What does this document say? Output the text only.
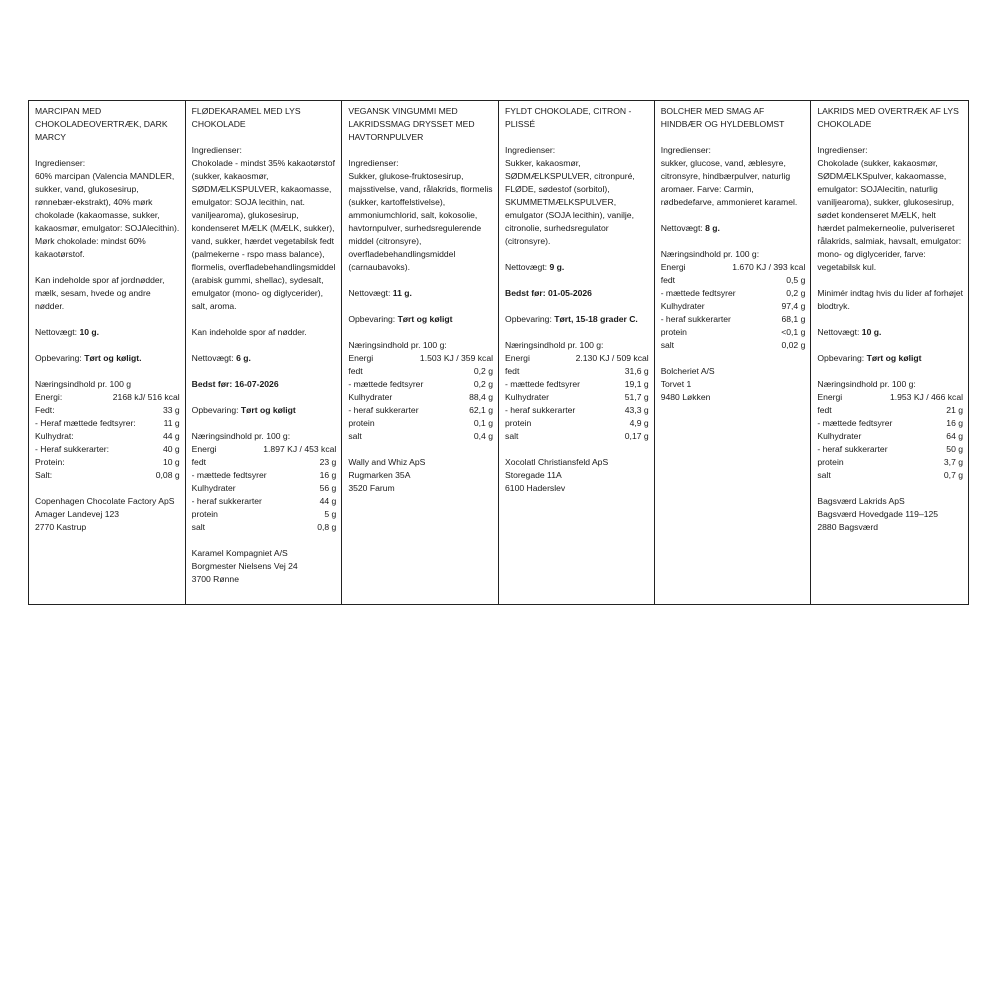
MARCIPAN MED CHOKOLADEOVERTRÆK, DARK MARCY
Ingredienser:
60% marcipan (Valencia MANDLER, sukker, vand, glukosesirup, rønnebær-ekstrakt), 40% mørk chokolade (kakaomasse, sukker, kakaosmør, emulgator: SOJAlecithin). Mørk chokolade: mindst 60% kakaotørstof.
Kan indeholde spor af jordnødder, mælk, sesam, hvede og andre nødder.
Nettovægt: 10 g.
Opbevaring: Tørt og køligt.
Næringsindhold pr. 100 g
Energi:	2168 kJ/ 516 kcal
Fedt:	33 g
- Heraf mættede fedtsyrer:	11 g
Kulhydrat:	44 g
- Heraf sukkerarter:	40 g
Protein:	10 g
Salt:	0,08 g
Copenhagen Chocolate Factory ApS
Amager Landevej 123
2770 Kastrup
FLØDEKARAMEL MED LYS CHOKOLADE
Ingredienser:
Chokolade - mindst 35% kakaotørstof (sukker, kakaosmør, SØDMÆLKSPULVER, kakaomasse, emulgator: SOJA lecithin, nat. vaniljearoma), glukosesirup, kondenseret MÆLK (MÆLK, sukker), vand, sukker, hærdet vegetabilsk fedt (palmekerne - rspo mass balance), flormelis, overfladebehandlingsmiddel (arabisk gummi, shellac), sydesalt, emulgator (mono- og diglycerider), salt, aroma.
Kan indeholde spor af nødder.
Nettovægt: 6 g.
Bedst før: 16-07-2026
Opbevaring: Tørt og køligt
Næringsindhold pr. 100 g:
Energi	1.897 KJ / 453 kcal
fedt	23 g
- mættede fedtsyrer	16 g
Kulhydrater	56 g
- heraf sukkerarter	44 g
protein	5 g
salt	0,8 g
Karamel Kompagniet A/S
Borgmester Nielsens Vej 24
3700 Rønne
VEGANSK VINGUMMI MED LAKRIDSSMAG DRYSSET MED HAVTORNPULVER
Ingredienser:
Sukker, glukose-fruktosesirup, majsstivelse, vand, rålakrids, flormelis (sukker, kartoffelstivelse), ammoniumchlorid, salt, kokosolie, havtornpulver, surhedsregulerende middel (citronsyre), overfladebehandlingsmiddel (carnaubavoks).
Nettovægt: 11 g.
Opbevaring: Tørt og køligt
Næringsindhold pr. 100 g:
Energi	1.503 KJ / 359 kcal
fedt	0,2 g
- mættede fedtsyrer	0,2 g
Kulhydrater	88,4 g
- heraf sukkerarter	62,1 g
protein	0,1 g
salt	0,4 g
Wally and Whiz ApS
Rugmarken 35A
3520 Farum
FYLDT CHOKOLADE, CITRON - PLISSÉ
Ingredienser:
Sukker, kakaosmør, SØDMÆLKSPULVER, citronpuré, FLØDE, sødestof (sorbitol), SKUMMETMÆLKSPULVER, emulgator (SOJA lecithin), vanilje, citronolie, surhedsregulator (citronsyre).
Nettovægt: 9 g.
Bedst før: 01-05-2026
Opbevaring: Tørt, 15-18 grader C.
Næringsindhold pr. 100 g:
Energi	2.130 KJ / 509 kcal
fedt	31,6 g
- mættede fedtsyrer	19,1 g
Kulhydrater	51,7 g
- heraf sukkerarter	43,3 g
protein	4,9 g
salt	0,17 g
Xocolatl Christiansfeld ApS
Storegade 11A
6100 Haderslev
BOLCHER MED SMAG AF HINDBÆR OG HYLDEBLOMST
Ingredienser:
sukker, glucose, vand, æblesyre, citronsyre, hindbærpulver, naturlig aromaer. Farve: Carmin, rødbedefarve, ammonieret karamel.
Nettovægt: 8 g.
Næringsindhold pr. 100 g:
Energi	1.670 KJ / 393 kcal
fedt	0,5 g
- mættede fedtsyrer	0,2 g
Kulhydrater	97,4 g
- heraf sukkerarter	68,1 g
protein	<0,1 g
salt	0,02 g
Bolcheriet A/S
Torvet 1
9480 Løkken
LAKRIDS MED OVERTRÆK AF LYS CHOKOLADE
Ingredienser:
Chokolade (sukker, kakaosmør, SØDMÆLKSpulver, kakaomasse, emulgator: SOJAlecitin, naturlig vaniljearoma), sukker, glukosesirup, sødet kondenseret MÆLK, helt hærdet palmekerneolie, pulveriseret rålakrids, salmiak, havsalt, emulgator: mono- og diglycerider, farve: vegetabilsk kul.
Minimér indtag hvis du lider af forhøjet blodtryk.
Nettovægt: 10 g.
Opbevaring: Tørt og køligt
Næringsindhold pr. 100 g:
Energi	1.953 KJ / 466 kcal
fedt	21 g
- mættede fedtsyrer	16 g
Kulhydrater	64 g
- heraf sukkerarter	50 g
protein	3,7 g
salt	0,7 g
Bagsværd Lakrids ApS
Bagsværd Hovedgade 119–125
2880 Bagsværd
